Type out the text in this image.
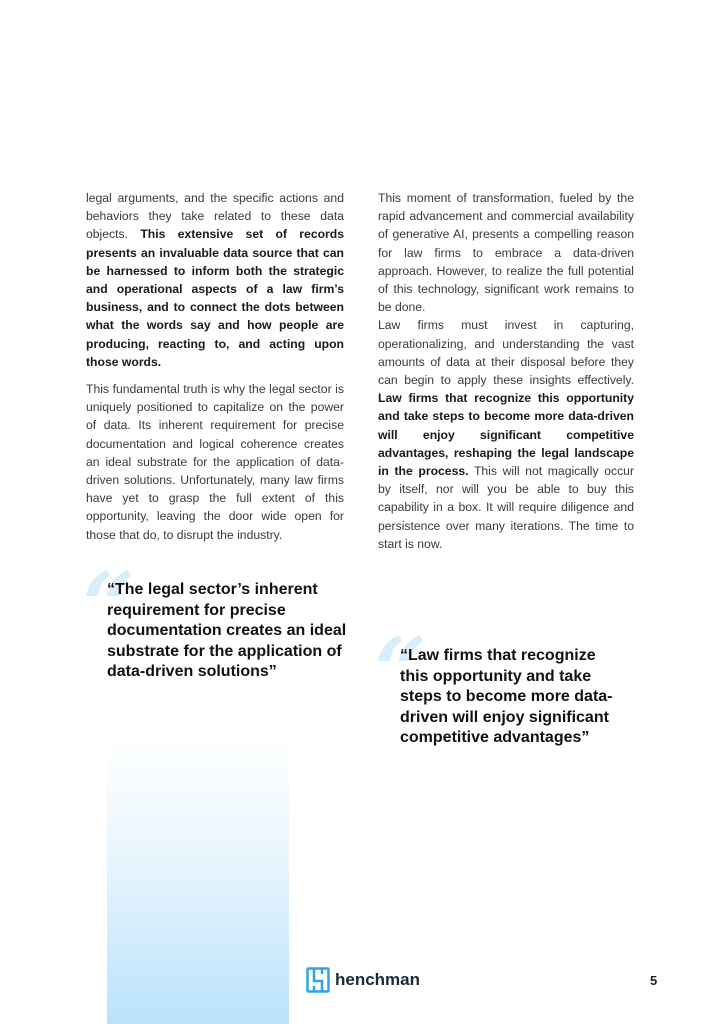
legal arguments, and the specific actions and behaviors they take related to these data objects. This extensive set of records presents an invaluable data source that can be harnessed to inform both the strategic and operational aspects of a law firm’s business, and to connect the dots between what the words say and how people are producing, reacting to, and acting upon those words.

This fundamental truth is why the legal sector is uniquely positioned to capitalize on the power of data. Its inherent requirement for precise documentation and logical coherence creates an ideal substrate for the application of data-driven solutions. Unfortunately, many law firms have yet to grasp the full extent of this opportunity, leaving the door wide open for those that do, to disrupt the industry.

This moment of transformation, fueled by the rapid advancement and commercial availability of generative AI, presents a compelling reason for law firms to embrace a data-driven approach. However, to realize the full potential of this technology, significant work remains to be done.

Law firms must invest in capturing, operationalizing, and understanding the vast amounts of data at their disposal before they can begin to apply these insights effectively. Law firms that recognize this opportunity and take steps to become more data-driven will enjoy significant competitive advantages, reshaping the legal landscape in the process. This will not magically occur by itself, nor will you be able to buy this capability in a box. It will require diligence and persistence over many iterations. The time to start is now.

“
“The legal sector’s inherent requirement for precise documentation creates an ideal substrate for the application of data-driven solutions”	“
“Law firms that recognize this opportunity and take steps to become more data-driven will enjoy significant competitive advantages”
henchman	5
